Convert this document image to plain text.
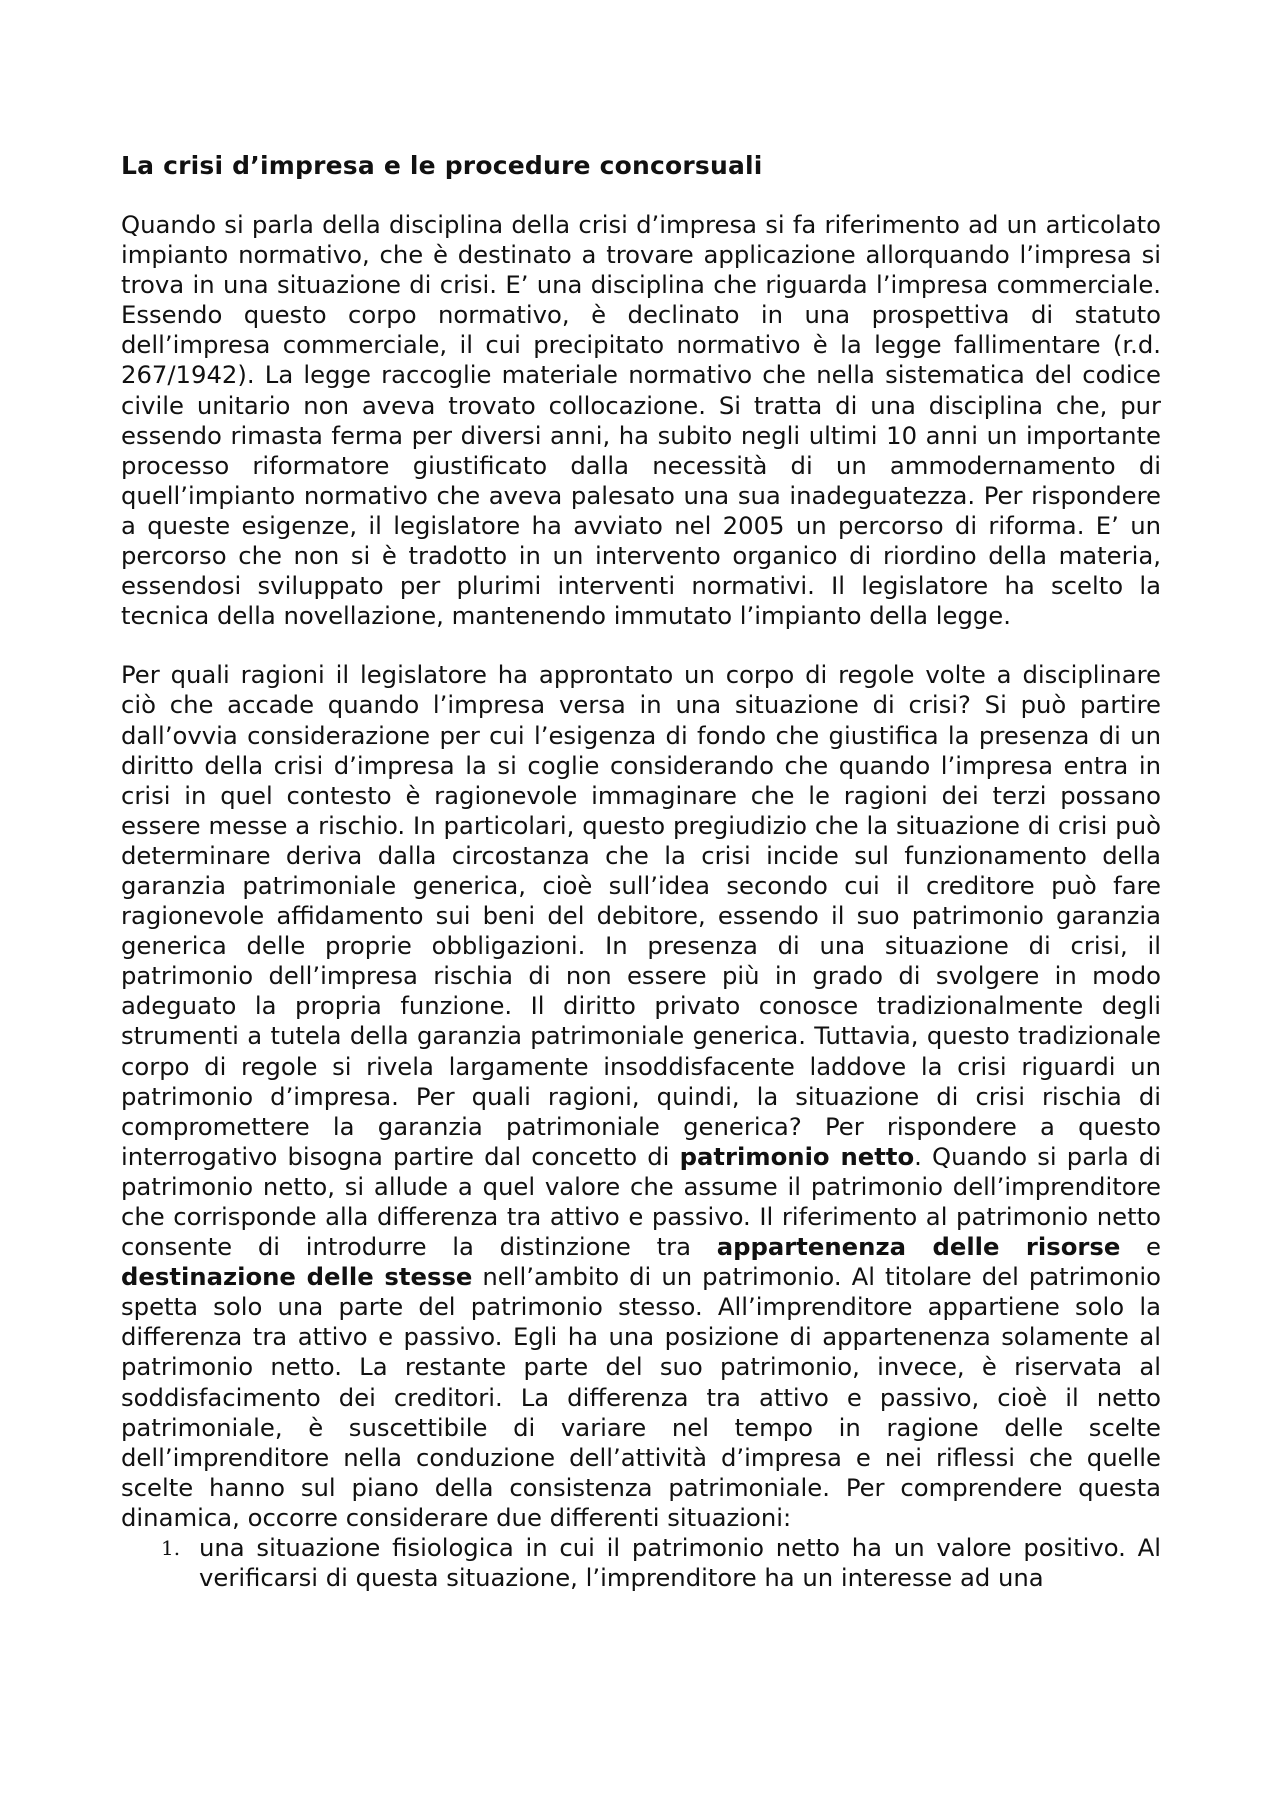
La crisi d’impresa e le procedure concorsuali

Quando si parla della disciplina della crisi d’impresa si fa riferimento ad un articolato impianto normativo, che è destinato a trovare applicazione allorquando l’impresa si trova in una situazione di crisi. E’ una disciplina che riguarda l’impresa commerciale. Essendo questo corpo normativo, è declinato in una prospettiva di statuto dell’impresa commerciale, il cui precipitato normativo è la legge fallimentare (r.d. 267/1942). La legge raccoglie materiale normativo che nella sistematica del codice civile unitario non aveva trovato collocazione. Si tratta di una disciplina che, pur essendo rimasta ferma per diversi anni, ha subito negli ultimi 10 anni un importante processo riformatore giustificato dalla necessità di un ammodernamento di quell’impianto normativo che aveva palesato una sua inadeguatezza. Per rispondere a queste esigenze, il legislatore ha avviato nel 2005 un percorso di riforma. E’ un percorso che non si è tradotto in un intervento organico di riordino della materia, essendosi sviluppato per plurimi interventi normativi. Il legislatore ha scelto la tecnica della novellazione, mantenendo immutato l’impianto della legge.

Per quali ragioni il legislatore ha approntato un corpo di regole volte a disciplinare ciò che accade quando l’impresa versa in una situazione di crisi? Si può partire dall’ovvia considerazione per cui l’esigenza di fondo che giustifica la presenza di un diritto della crisi d’impresa la si coglie considerando che quando l’impresa entra in crisi in quel contesto è ragionevole immaginare che le ragioni dei terzi possano essere messe a rischio. In particolari, questo pregiudizio che la situazione di crisi può determinare deriva dalla circostanza che la crisi incide sul funzionamento della garanzia patrimoniale generica, cioè sull’idea secondo cui il creditore può fare ragionevole affidamento sui beni del debitore, essendo il suo patrimonio garanzia generica delle proprie obbligazioni. In presenza di una situazione di crisi, il patrimonio dell’impresa rischia di non essere più in grado di svolgere in modo adeguato la propria funzione. Il diritto privato conosce tradizionalmente degli strumenti a tutela della garanzia patrimoniale generica. Tuttavia, questo tradizionale corpo di regole si rivela largamente insoddisfacente laddove la crisi riguardi un patrimonio d’impresa. Per quali ragioni, quindi, la situazione di crisi rischia di compromettere la garanzia patrimoniale generica? Per rispondere a questo interrogativo bisogna partire dal concetto di patrimonio netto. Quando si parla di patrimonio netto, si allude a quel valore che assume il patrimonio dell’imprenditore che corrisponde alla differenza tra attivo e passivo. Il riferimento al patrimonio netto consente di introdurre la distinzione tra appartenenza delle risorse e destinazione delle stesse nell’ambito di un patrimonio. Al titolare del patrimonio spetta solo una parte del patrimonio stesso. All’imprenditore appartiene solo la differenza tra attivo e passivo. Egli ha una posizione di appartenenza solamente al patrimonio netto. La restante parte del suo patrimonio, invece, è riservata al soddisfacimento dei creditori. La differenza tra attivo e passivo, cioè il netto patrimoniale, è suscettibile di variare nel tempo in ragione delle scelte dell’imprenditore nella conduzione dell’attività d’impresa e nei riflessi che quelle scelte hanno sul piano della consistenza patrimoniale. Per comprendere questa dinamica, occorre considerare due differenti situazioni:

1. una situazione fisiologica in cui il patrimonio netto ha un valore positivo. Al verificarsi di questa situazione, l’imprenditore ha un interesse ad una
